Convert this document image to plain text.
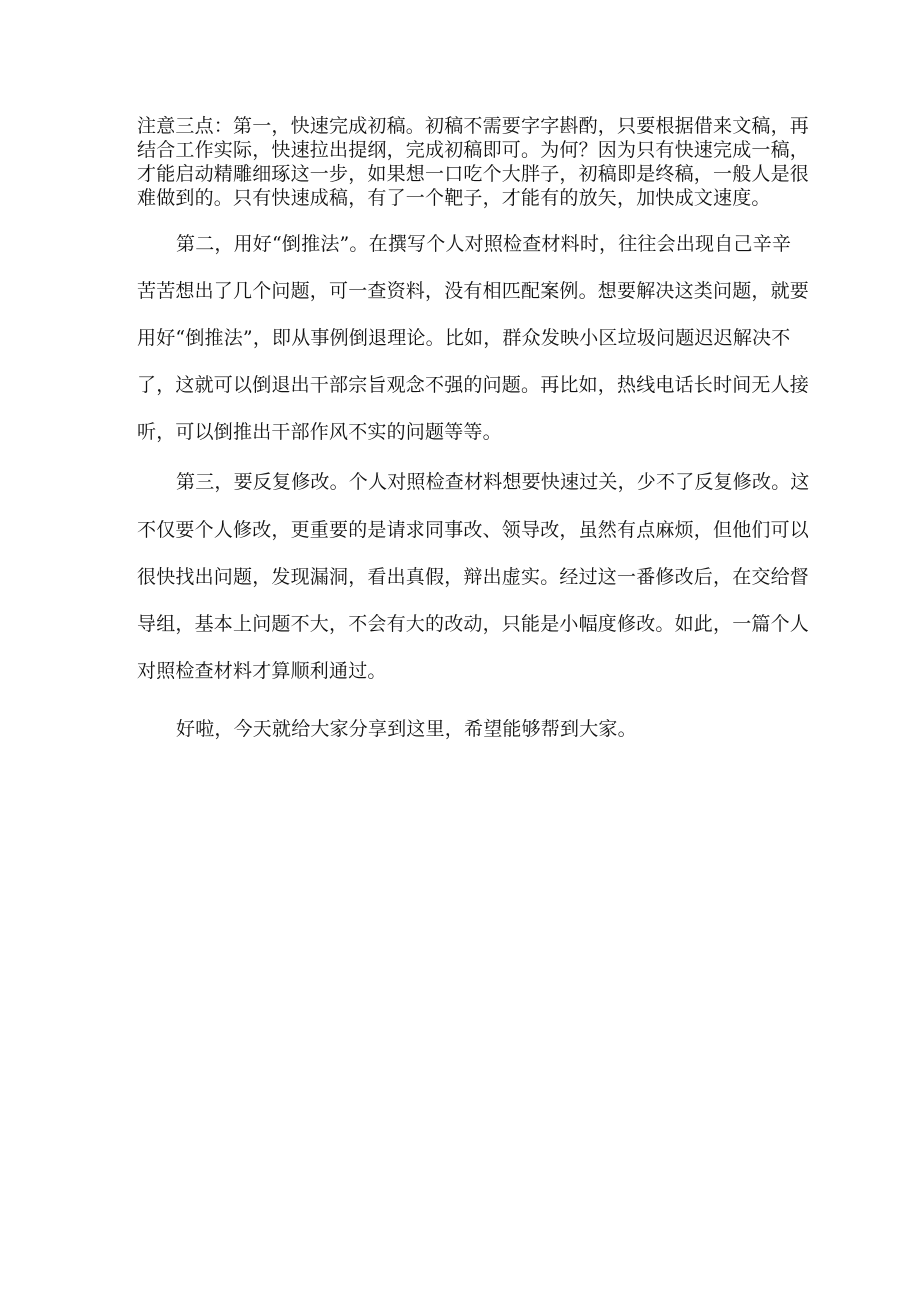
注意三点：第一，快速完成初稿。初稿不需要字字斟酌，只要根据借来文稿，再
结合工作实际，快速拉出提纲，完成初稿即可。为何？因为只有快速完成一稿，
才能启动精雕细琢这一步，如果想一口吃个大胖子，初稿即是终稿，一般人是很
难做到的。只有快速成稿，有了一个靶子，才能有的放矢，加快成文速度。
第二，用好“倒推法”。在撰写个人对照检查材料时，往往会出现自己辛辛
苦苦想出了几个问题，可一查资料，没有相匹配案例。想要解决这类问题，就要
用好“倒推法”，即从事例倒退理论。比如，群众发映小区垃圾问题迟迟解决不
了，这就可以倒退出干部宗旨观念不强的问题。再比如，热线电话长时间无人接
听，可以倒推出干部作风不实的问题等等。
第三，要反复修改。个人对照检查材料想要快速过关，少不了反复修改。这
不仅要个人修改，更重要的是请求同事改、领导改，虽然有点麻烦，但他们可以
很快找出问题，发现漏洞，看出真假，辩出虚实。经过这一番修改后，在交给督
导组，基本上问题不大，不会有大的改动，只能是小幅度修改。如此，一篇个人
对照检查材料才算顺利通过。
好啦，今天就给大家分享到这里，希望能够帮到大家。
